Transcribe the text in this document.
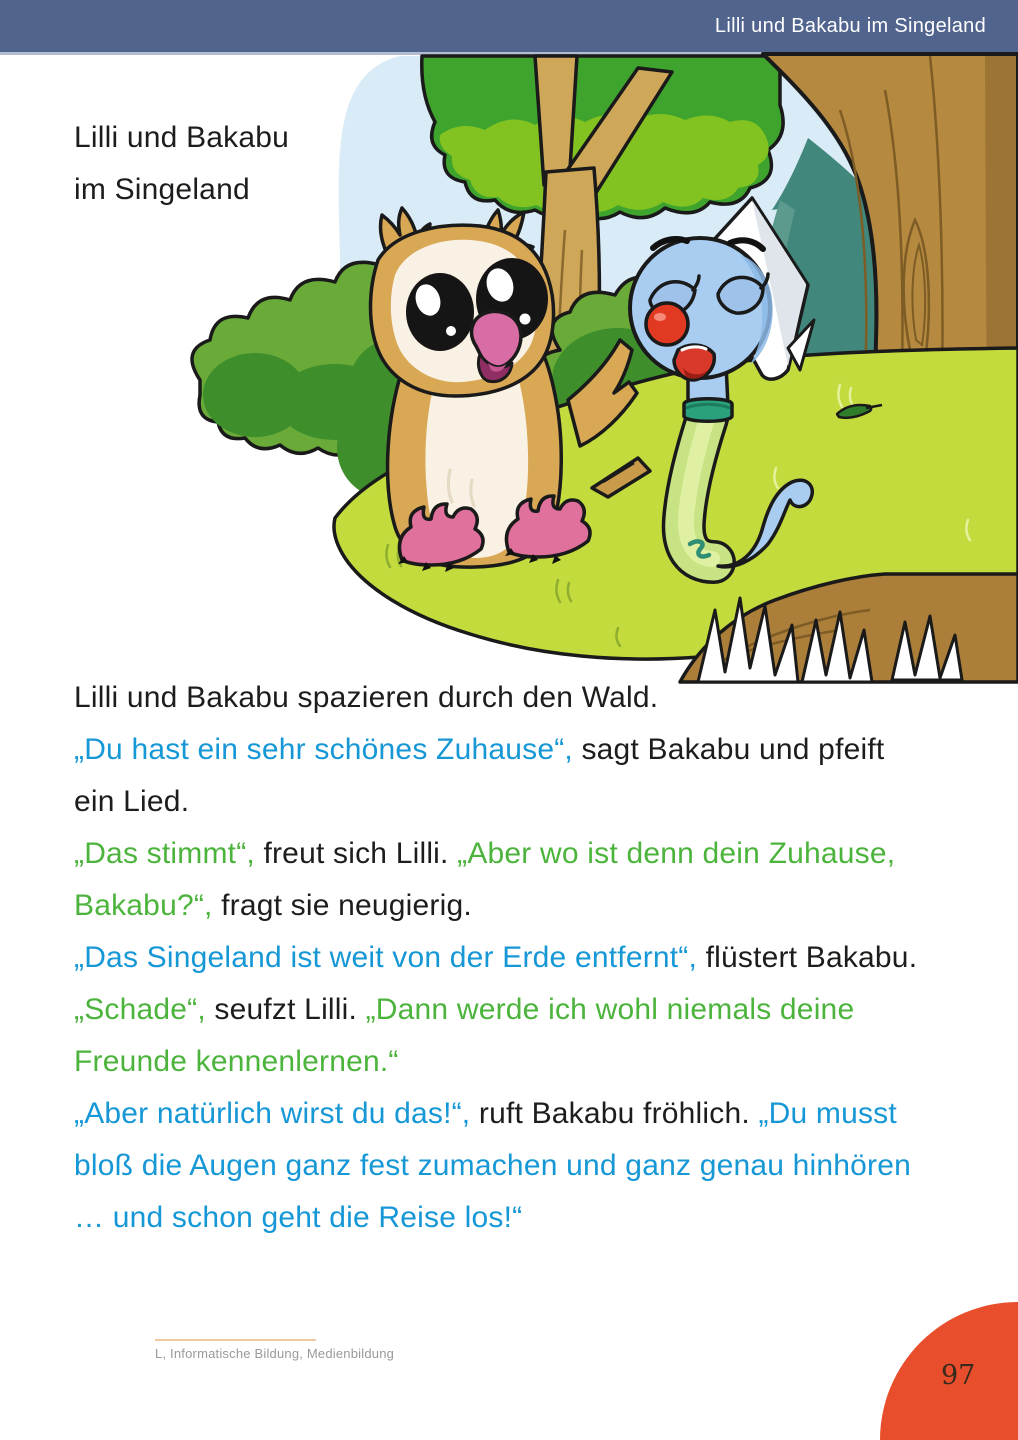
Lilli und Bakabu im Singeland
Lilli und Bakabu
im Singeland
Lilli und Bakabu spazieren durch den Wald.
„Du hast ein sehr schönes Zuhause“, sagt Bakabu und pfeift
ein Lied.
„Das stimmt“, freut sich Lilli. „Aber wo ist denn dein Zuhause,
Bakabu?“, fragt sie neugierig.
„Das Singeland ist weit von der Erde entfernt“, flüstert Bakabu.
„Schade“, seufzt Lilli. „Dann werde ich wohl niemals deine
Freunde kennenlernen.“
„Aber natürlich wirst du das!“, ruft Bakabu fröhlich. „Du musst
bloß die Augen ganz fest zumachen und ganz genau hinhören
… und schon geht die Reise los!“
L, Informatische Bildung, Medienbildung
97
